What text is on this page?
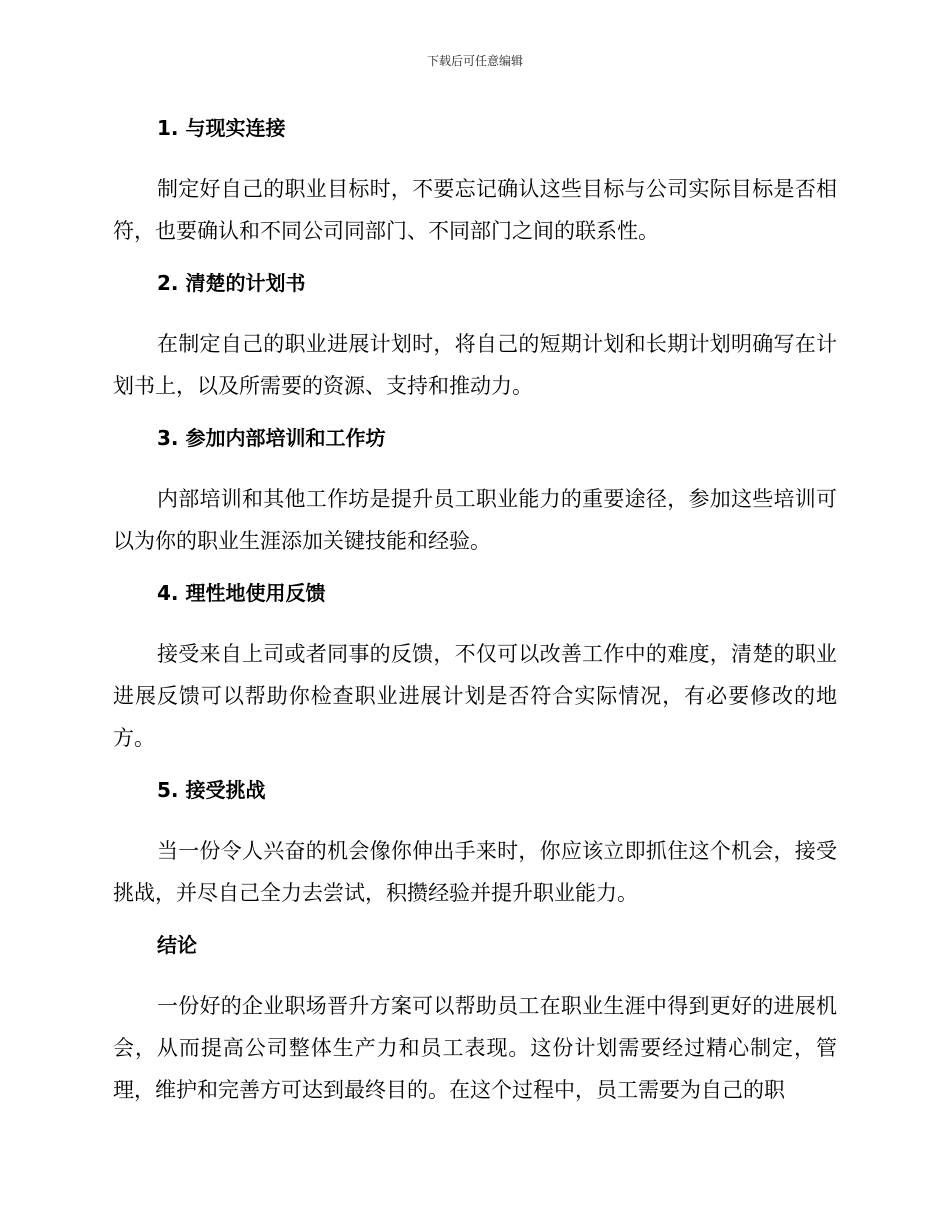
下载后可任意编辑
1. 与现实连接

制定好自己的职业目标时，不要忘记确认这些目标与公司实际目标是否相符，也要确认和不同公司同部门、不同部门之间的联系性。

2. 清楚的计划书

在制定自己的职业进展计划时，将自己的短期计划和长期计划明确写在计划书上，以及所需要的资源、支持和推动力。

3. 参加内部培训和工作坊

内部培训和其他工作坊是提升员工职业能力的重要途径，参加这些培训可以为你的职业生涯添加关键技能和经验。

4. 理性地使用反馈

接受来自上司或者同事的反馈，不仅可以改善工作中的难度，清楚的职业进展反馈可以帮助你检查职业进展计划是否符合实际情况，有必要修改的地方。

5. 接受挑战

当一份令人兴奋的机会像你伸出手来时，你应该立即抓住这个机会，接受挑战，并尽自己全力去尝试，积攒经验并提升职业能力。

结论

一份好的企业职场晋升方案可以帮助员工在职业生涯中得到更好的进展机会，从而提高公司整体生产力和员工表现。这份计划需要经过精心制定，管理，维护和完善方可达到最终目的。在这个过程中，员工需要为自己的职
